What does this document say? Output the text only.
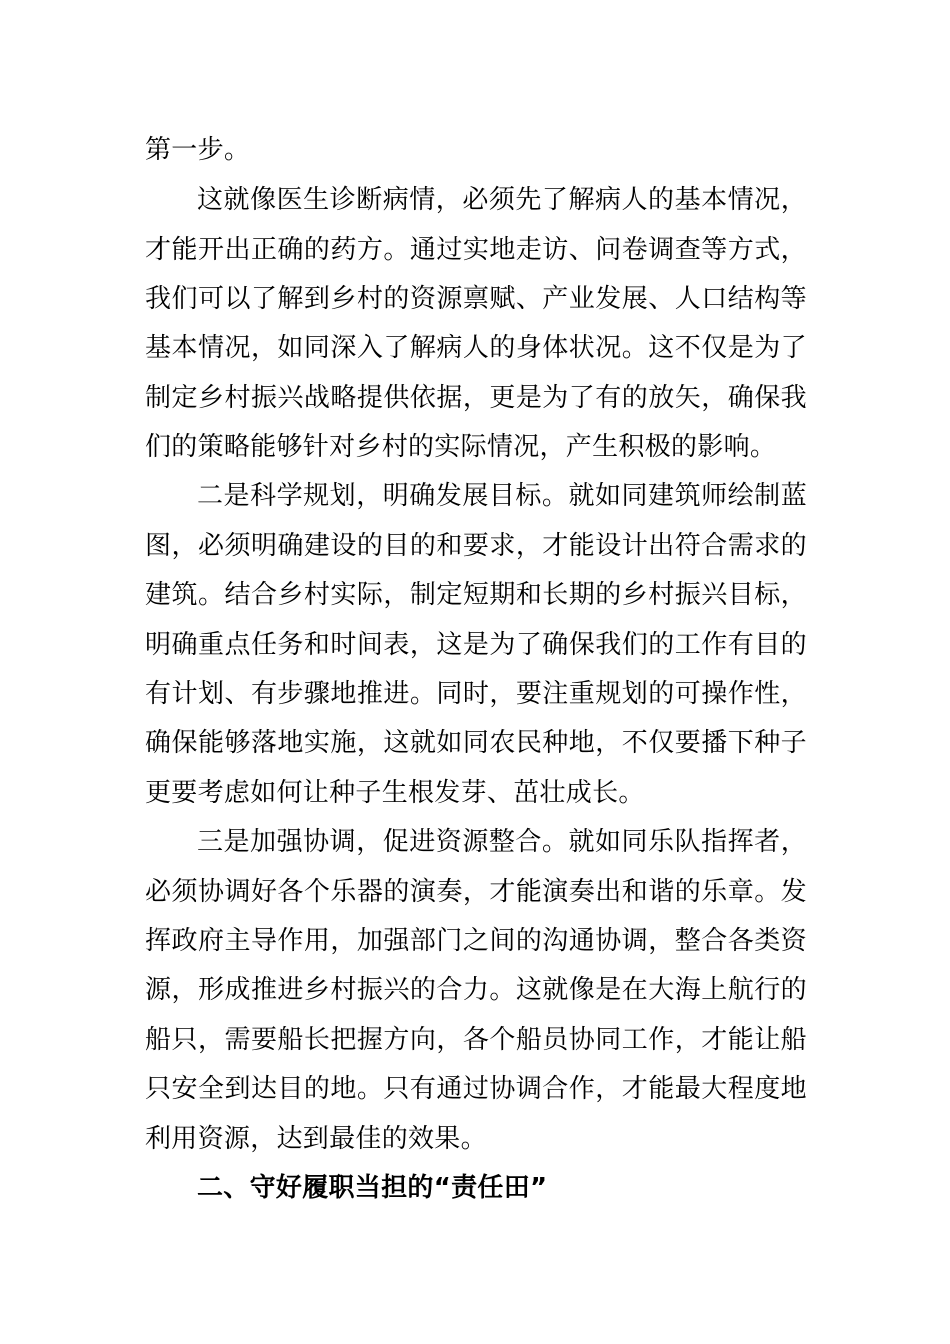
第一步。
这就像医生诊断病情，必须先了解病人的基本情况，
才能开出正确的药方。通过实地走访、问卷调查等方式，
我们可以了解到乡村的资源禀赋、产业发展、人口结构等
基本情况，如同深入了解病人的身体状况。这不仅是为了
制定乡村振兴战略提供依据，更是为了有的放矢，确保我
们的策略能够针对乡村的实际情况，产生积极的影响。
二是科学规划，明确发展目标。就如同建筑师绘制蓝
图，必须明确建设的目的和要求，才能设计出符合需求的
建筑。结合乡村实际，制定短期和长期的乡村振兴目标，
明确重点任务和时间表，这是为了确保我们的工作有目的
有计划、有步骤地推进。同时，要注重规划的可操作性，
确保能够落地实施，这就如同农民种地，不仅要播下种子
更要考虑如何让种子生根发芽、茁壮成长。
三是加强协调，促进资源整合。就如同乐队指挥者，
必须协调好各个乐器的演奏，才能演奏出和谐的乐章。发
挥政府主导作用，加强部门之间的沟通协调，整合各类资
源，形成推进乡村振兴的合力。这就像是在大海上航行的
船只，需要船长把握方向，各个船员协同工作，才能让船
只安全到达目的地。只有通过协调合作，才能最大程度地
利用资源，达到最佳的效果。
二、守好履职当担的“责任田”
